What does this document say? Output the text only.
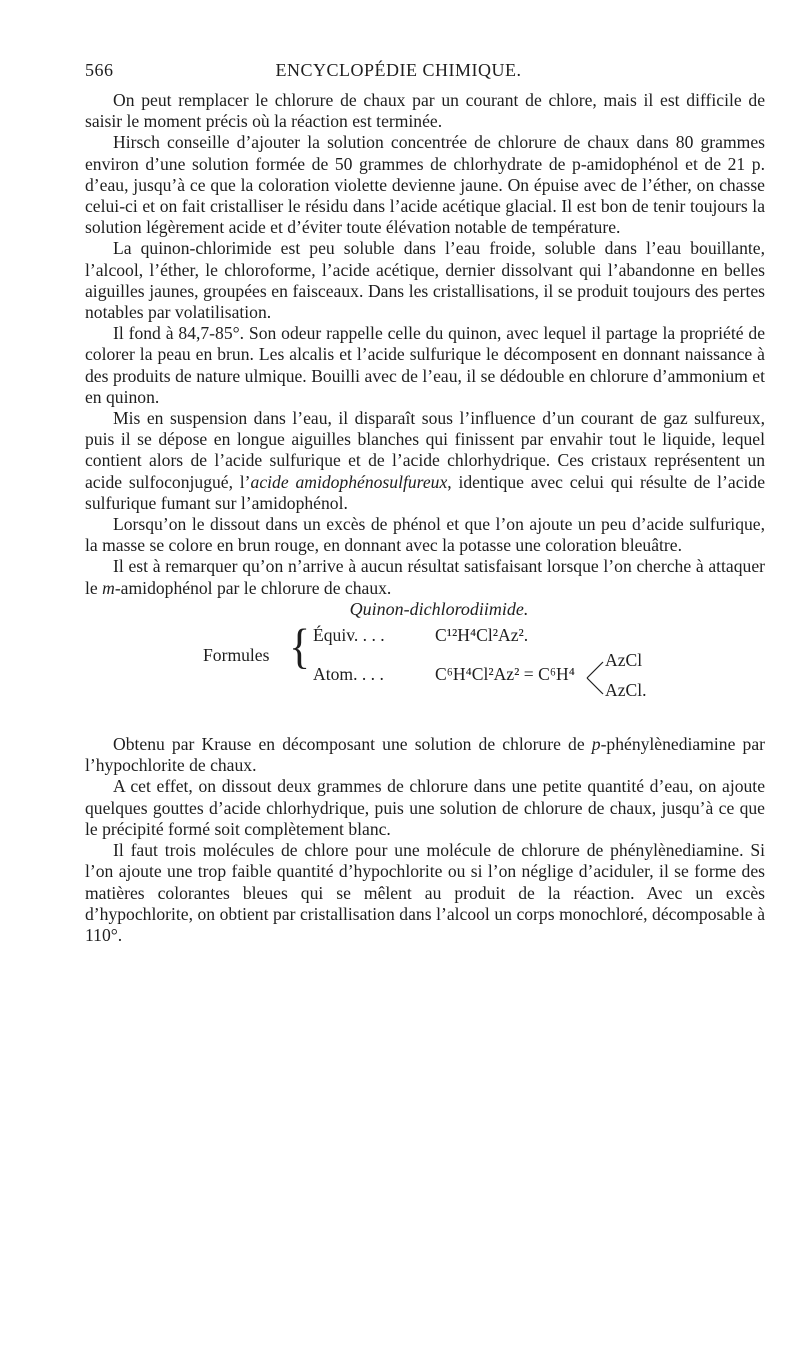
566	ENCYCLOPÉDIE CHIMIQUE.

On peut remplacer le chlorure de chaux par un courant de chlore, mais il est difficile de saisir le moment précis où la réaction est terminée.

Hirsch conseille d’ajouter la solution concentrée de chlorure de chaux dans 80 grammes environ d’une solution formée de 50 grammes de chlorhydrate de p-amidophénol et de 21 p. d’eau, jusqu’à ce que la coloration violette devienne jaune. On épuise avec de l’éther, on chasse celui-ci et on fait cristalliser le résidu dans l’acide acétique glacial. Il est bon de tenir toujours la solution légèrement acide et d’éviter toute élévation notable de température.

La quinon-chlorimide est peu soluble dans l’eau froide, soluble dans l’eau bouillante, l’alcool, l’éther, le chloroforme, l’acide acétique, dernier dissolvant qui l’abandonne en belles aiguilles jaunes, groupées en faisceaux. Dans les cristallisations, il se produit toujours des pertes notables par volatilisation.

Il fond à 84,7-85°. Son odeur rappelle celle du quinon, avec lequel il partage la propriété de colorer la peau en brun. Les alcalis et l’acide sulfurique le décomposent en donnant naissance à des produits de nature ulmique. Bouilli avec de l’eau, il se dédouble en chlorure d’ammonium et en quinon.

Mis en suspension dans l’eau, il disparaît sous l’influence d’un courant de gaz sulfureux, puis il se dépose en longue aiguilles blanches qui finissent par envahir tout le liquide, lequel contient alors de l’acide sulfurique et de l’acide chlorhydrique. Ces cristaux représentent un acide sulfoconjugué, l’acide amidophénosulfureux, identique avec celui qui résulte de l’acide sulfurique fumant sur l’amidophénol.

Lorsqu’on le dissout dans un excès de phénol et que l’on ajoute un peu d’acide sulfurique, la masse se colore en brun rouge, en donnant avec la potasse une coloration bleuâtre.

Il est à remarquer qu’on n’arrive à aucun résultat satisfaisant lorsque l’on cherche à attaquer le m-amidophénol par le chlorure de chaux.

Quinon-dichlorodiimide.

Formules { Équiv. . . .	C¹²H⁴Cl²Az².
Atom. . . .	C⁶H⁴Cl²Az² = C⁶H⁴
AzCl
AzCl.

Obtenu par Krause en décomposant une solution de chlorure de p-phénylènediamine par l’hypochlorite de chaux.

A cet effet, on dissout deux grammes de chlorure dans une petite quantité d’eau, on ajoute quelques gouttes d’acide chlorhydrique, puis une solution de chlorure de chaux, jusqu’à ce que le précipité formé soit complètement blanc.

Il faut trois molécules de chlore pour une molécule de chlorure de phénylènediamine. Si l’on ajoute une trop faible quantité d’hypochlorite ou si l’on néglige d’aciduler, il se forme des matières colorantes bleues qui se mêlent au produit de la réaction. Avec un excès d’hypochlorite, on obtient par cristallisation dans l’alcool un corps monochloré, décomposable à 110°.
